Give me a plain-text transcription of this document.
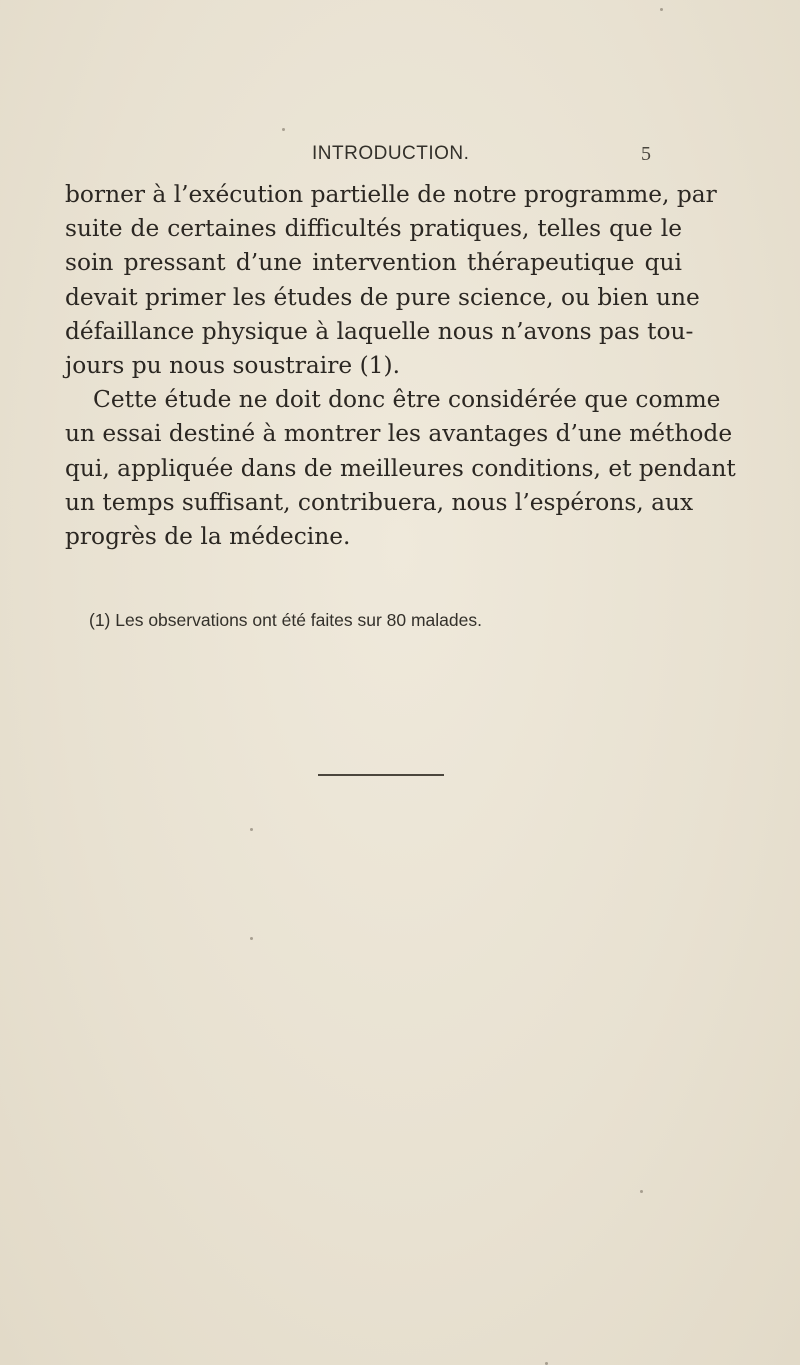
INTRODUCTION.	5
borner à l’exécution partielle de notre programme, par
suite de certaines difficultés pratiques, telles que le
soin pressant d’une intervention thérapeutique qui
devait primer les études de pure science, ou bien une
défaillance physique à laquelle nous n’avons pas tou-
jours pu nous soustraire (1).
Cette étude ne doit donc être considérée que comme
un essai destiné à montrer les avantages d’une méthode
qui, appliquée dans de meilleures conditions, et pendant
un temps suffisant, contribuera, nous l’espérons, aux
progrès de la médecine.
(1) Les observations ont été faites sur 80 malades.
